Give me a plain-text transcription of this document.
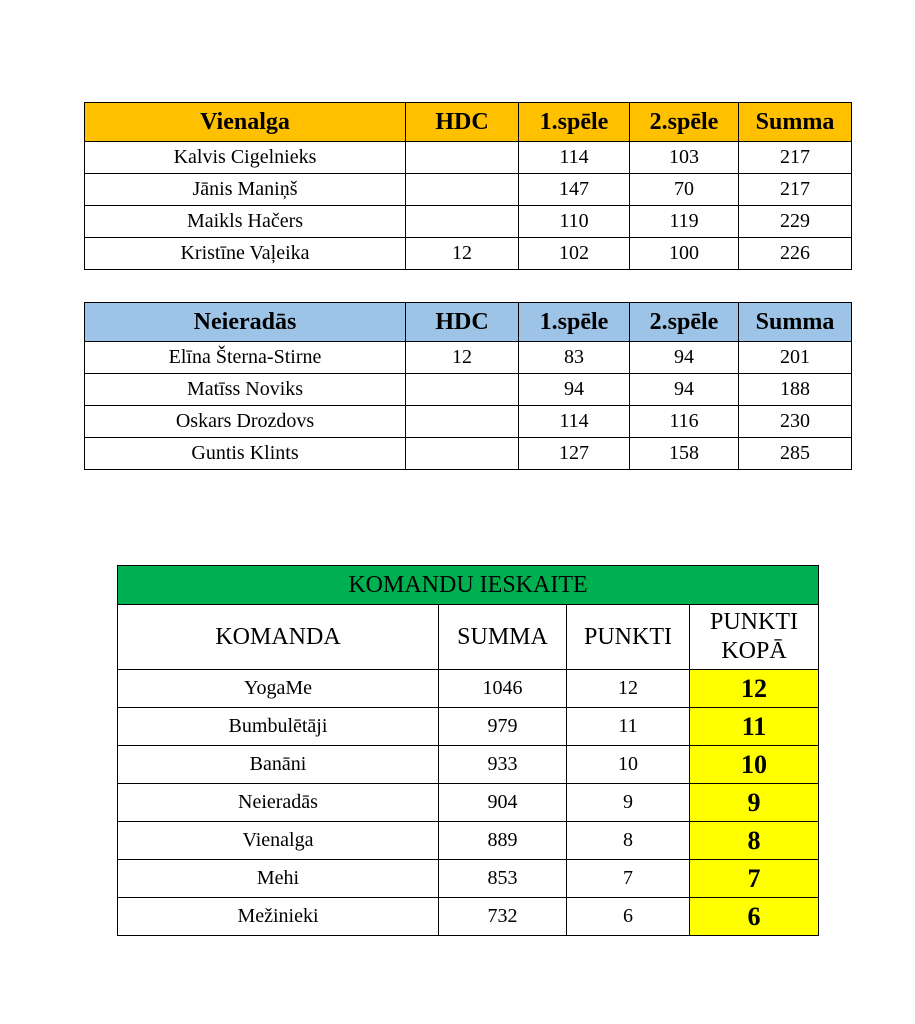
Vienalga	HDC	1.spēle	2.spēle	Summa
Kalvis Cigelnieks		114	103	217
Jānis Maniņš		147	70	217
Maikls Hačers		110	119	229
Kristīne Vaļeika	12	102	100	226
Neieradās	HDC	1.spēle	2.spēle	Summa
Elīna Šterna-Stirne	12	83	94	201
Matīss Noviks		94	94	188
Oskars Drozdovs		114	116	230
Guntis Klints		127	158	285
KOMANDU IESKAITE			
KOMANDA	SUMMA	PUNKTI	PUNKTI KOPĀ
YogaMe	1046	12	12
Bumbulētāji	979	11	11
Banāni	933	10	10
Neieradās	904	9	9
Vienalga	889	8	8
Mehi	853	7	7
Mežinieki	732	6	6
